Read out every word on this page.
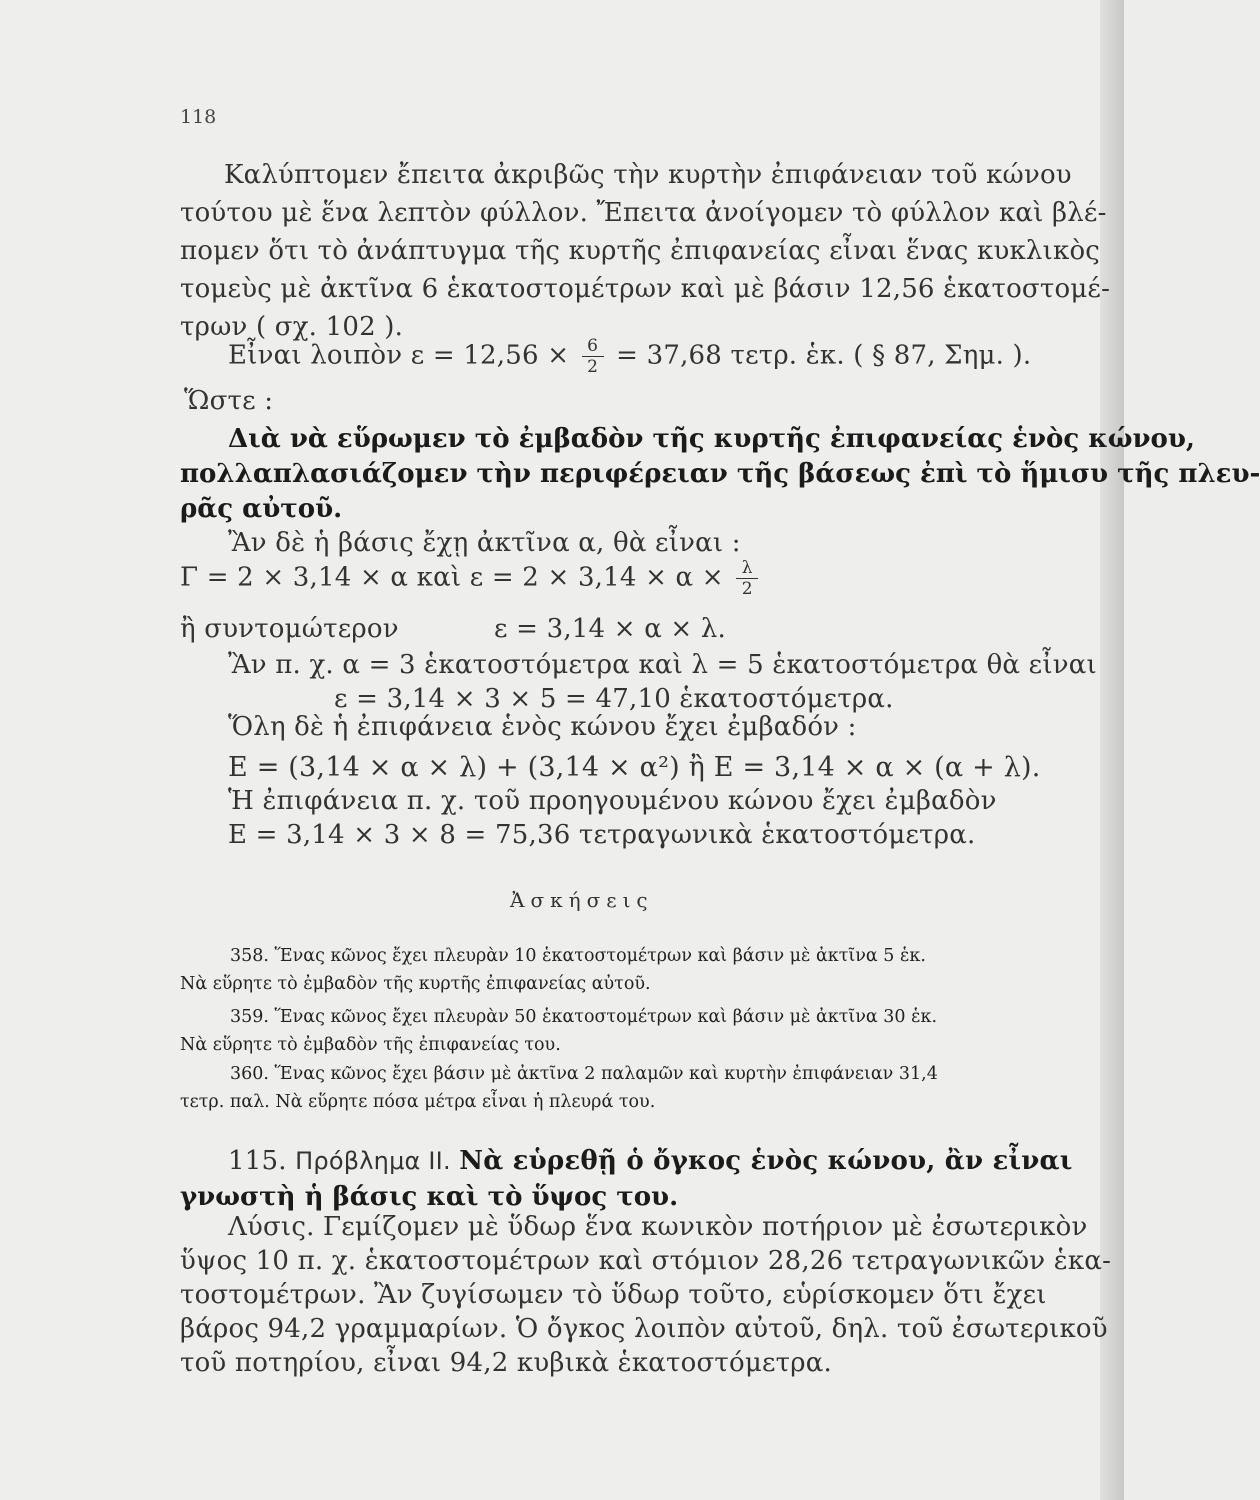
118
Καλύπτομεν ἔπειτα ἀκριβῶς τὴν κυρτὴν ἐπιφάνειαν τοῦ κώνου
τούτου μὲ ἕνα λεπτὸν φύλλον. Ἔπειτα ἀνοίγομεν τὸ φύλλον καὶ βλέ-
πομεν ὅτι τὸ ἀνάπτυγμα τῆς κυρτῆς ἐπιφανείας εἶναι ἕνας κυκλικὸς
τομεὺς μὲ ἀκτῖνα 6 ἑκατοστομέτρων καὶ μὲ βάσιν 12,56 ἑκατοστομέ-
τρων ( σχ. 102 ).
Εἶναι λοιπὸν $\varepsilon = 12,56 \times \frac{6}{2} = 37,68$ τετρ. ἑκ. ( § 87, Σημ. ).
Ὥστε :
Διὰ νὰ εὕρωμεν τὸ ἐμβαδὸν τῆς κυρτῆς ἐπιφανείας ἑνὸς κώνου,
πολλαπλασιάζομεν τὴν περιφέρειαν τῆς βάσεως ἐπὶ τὸ ἥμισυ τῆς πλευ-
ρᾶς αὐτοῦ.
Ἂν δὲ ἡ βάσις ἔχῃ ἀκτῖνα α, θὰ εἶναι :
Γ = 2 × 3,14 × α καὶ $\varepsilon = 2 \times 3,14 \times \alpha \times \frac{\lambda}{2}$
ἢ συντομώτερον	ε = 3,14 × α × λ.
Ἂν π. χ. α = 3 ἑκατοστόμετρα καὶ λ = 5 ἑκατοστόμετρα θὰ εἶναι
ε = 3,14 × 3 × 5 = 47,10 ἑκατοστόμετρα.
Ὅλη δὲ ἡ ἐπιφάνεια ἑνὸς κώνου ἔχει ἐμβαδόν :
Ε = (3,14 × α × λ) + (3,14 × α²) ἢ Ε = 3,14 × α × (α + λ).
Ἡ ἐπιφάνεια π. χ. τοῦ προηγουμένου κώνου ἔχει ἐμβαδὸν
Ε = 3,14 × 3 × 8 = 75,36 τετραγωνικὰ ἑκατοστόμετρα.
Ἀσκήσεις
358. Ἕνας κῶνος ἔχει πλευρὰν 10 ἑκατοστομέτρων καὶ βάσιν μὲ ἀκτῖνα 5 ἑκ.
Νὰ εὕρητε τὸ ἐμβαδὸν τῆς κυρτῆς ἐπιφανείας αὐτοῦ.
359. Ἕνας κῶνος ἔχει πλευρὰν 50 ἑκατοστομέτρων καὶ βάσιν μὲ ἀκτῖνα 30 ἑκ.
Νὰ εὕρητε τὸ ἐμβαδὸν τῆς ἐπιφανείας του.
360. Ἕνας κῶνος ἔχει βάσιν μὲ ἀκτῖνα 2 παλαμῶν καὶ κυρτὴν ἐπιφάνειαν 31,4
τετρ. παλ. Νὰ εὕρητε πόσα μέτρα εἶναι ἡ πλευρά του.
115. Πρόβλημα ΙΙ. Νὰ εὑρεθῇ ὁ ὄγκος ἑνὸς κώνου, ἂν εἶναι
γνωστὴ ἡ βάσις καὶ τὸ ὕψος του.
Λύσις. Γεμίζομεν μὲ ὕδωρ ἕνα κωνικὸν ποτήριον μὲ ἐσωτερικὸν
ὕψος 10 π. χ. ἑκατοστομέτρων καὶ στόμιον 28,26 τετραγωνικῶν ἑκα-
τοστομέτρων. Ἂν ζυγίσωμεν τὸ ὕδωρ τοῦτο, εὑρίσκομεν ὅτι ἔχει
βάρος 94,2 γραμμαρίων. Ὁ ὄγκος λοιπὸν αὐτοῦ, δηλ. τοῦ ἐσωτερικοῦ
τοῦ ποτηρίου, εἶναι 94,2 κυβικὰ ἑκατοστόμετρα.
